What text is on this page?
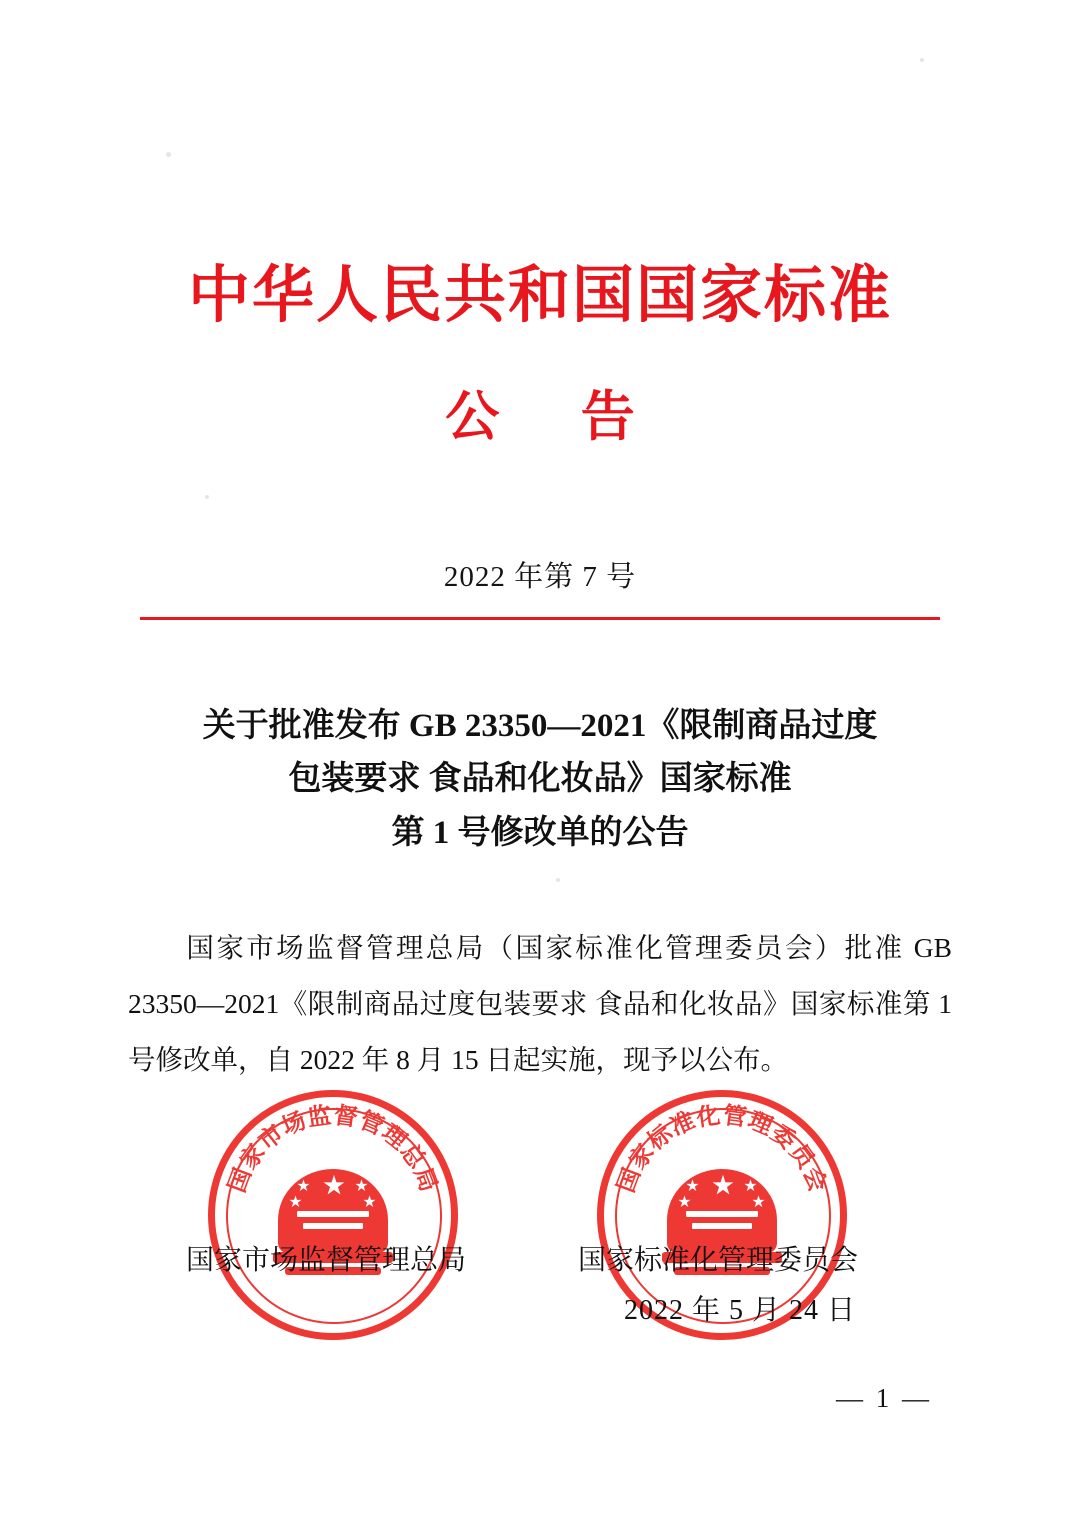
中华人民共和国国家标准
公 告
2022 年第 7 号
关于批准发布 GB 23350—2021《限制商品过度
包装要求 食品和化妆品》国家标准
第 1 号修改单的公告
国家市场监督管理总局（国家标准化管理委员会）批准 GB 23350—2021《限制商品过度包装要求 食品和化妆品》国家标准第 1 号修改单，自 2022 年 8 月 15 日起实施，现予以公布。
国家市场监督管理总局
★
★
★
★
★
国家标准化管理委员会
★
★
★
★
★
国家市场监督管理总局	国家标准化管理委员会
2022 年 5 月 24 日
— 1 —
